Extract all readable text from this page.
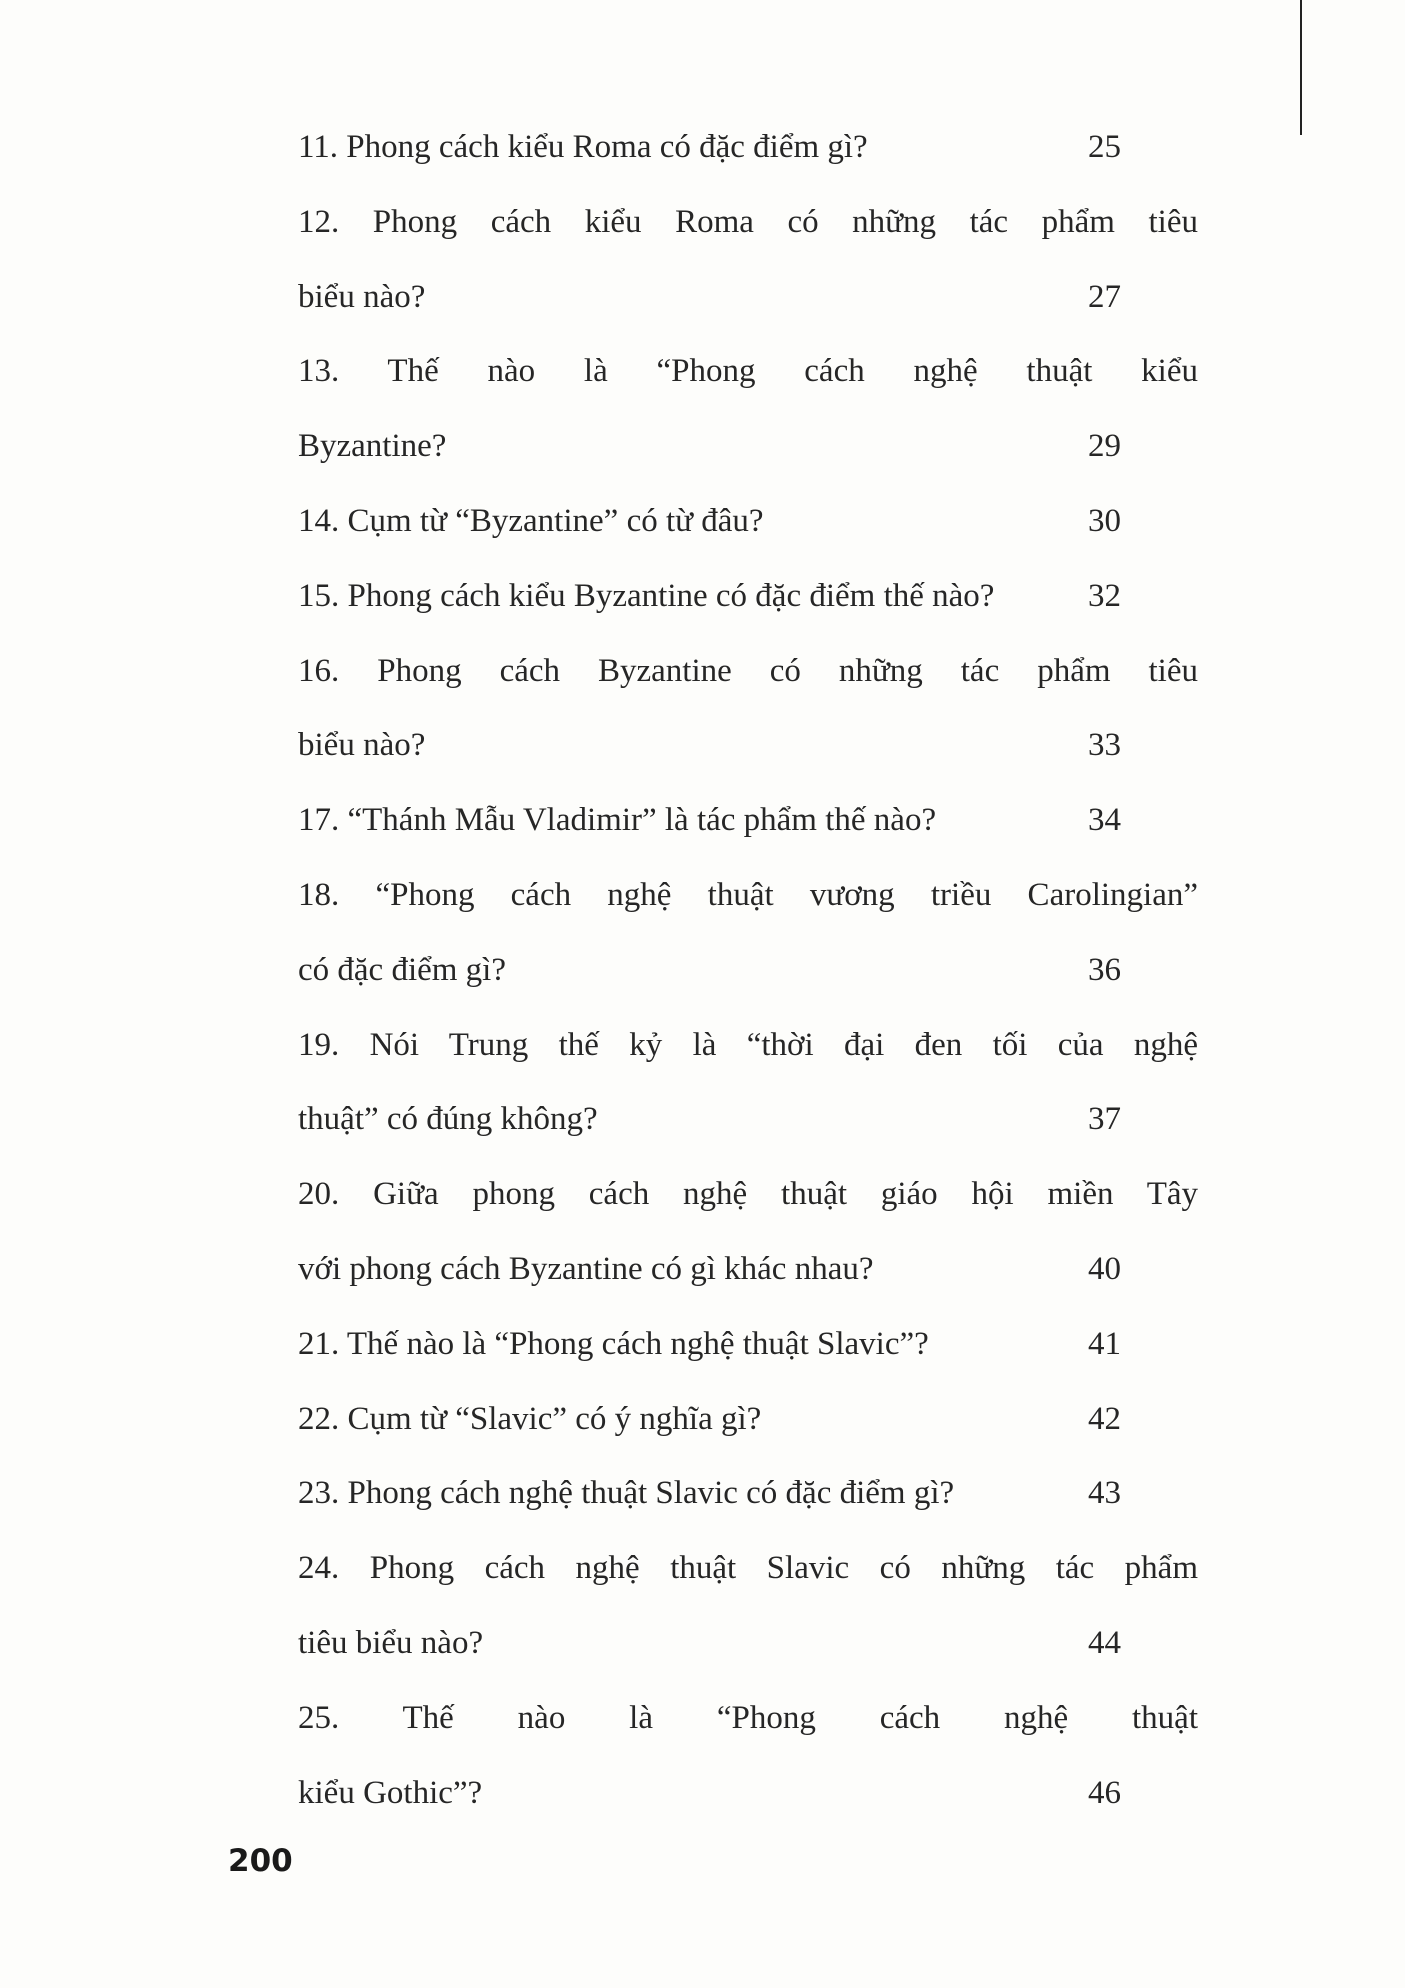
11. Phong cách kiểu Roma có đặc điểm gì?	25
12. Phong cách kiểu Roma có những tác phẩm tiêu
biểu nào?	27
13. Thế nào là “Phong cách nghệ thuật kiểu
Byzantine?	29
14. Cụm từ “Byzantine” có từ đâu?	30
15. Phong cách kiểu Byzantine có đặc điểm thế nào?	32
16. Phong cách Byzantine có những tác phẩm tiêu
biểu nào?	33
17. “Thánh Mẫu Vladimir” là tác phẩm thế nào?	34
18. “Phong cách nghệ thuật vương triều Carolingian”
có đặc điểm gì?	36
19. Nói Trung thế kỷ là “thời đại đen tối của nghệ
thuật” có đúng không?	37
20. Giữa phong cách nghệ thuật giáo hội miền Tây
với phong cách Byzantine có gì khác nhau?	40
21. Thế nào là “Phong cách nghệ thuật Slavic”?	41
22. Cụm từ “Slavic” có ý nghĩa gì?	42
23. Phong cách nghệ thuật Slavic có đặc điểm gì?	43
24. Phong cách nghệ thuật Slavic có những tác phẩm
tiêu biểu nào?	44
25. Thế nào là “Phong cách nghệ thuật
kiểu Gothic”?	46
200
